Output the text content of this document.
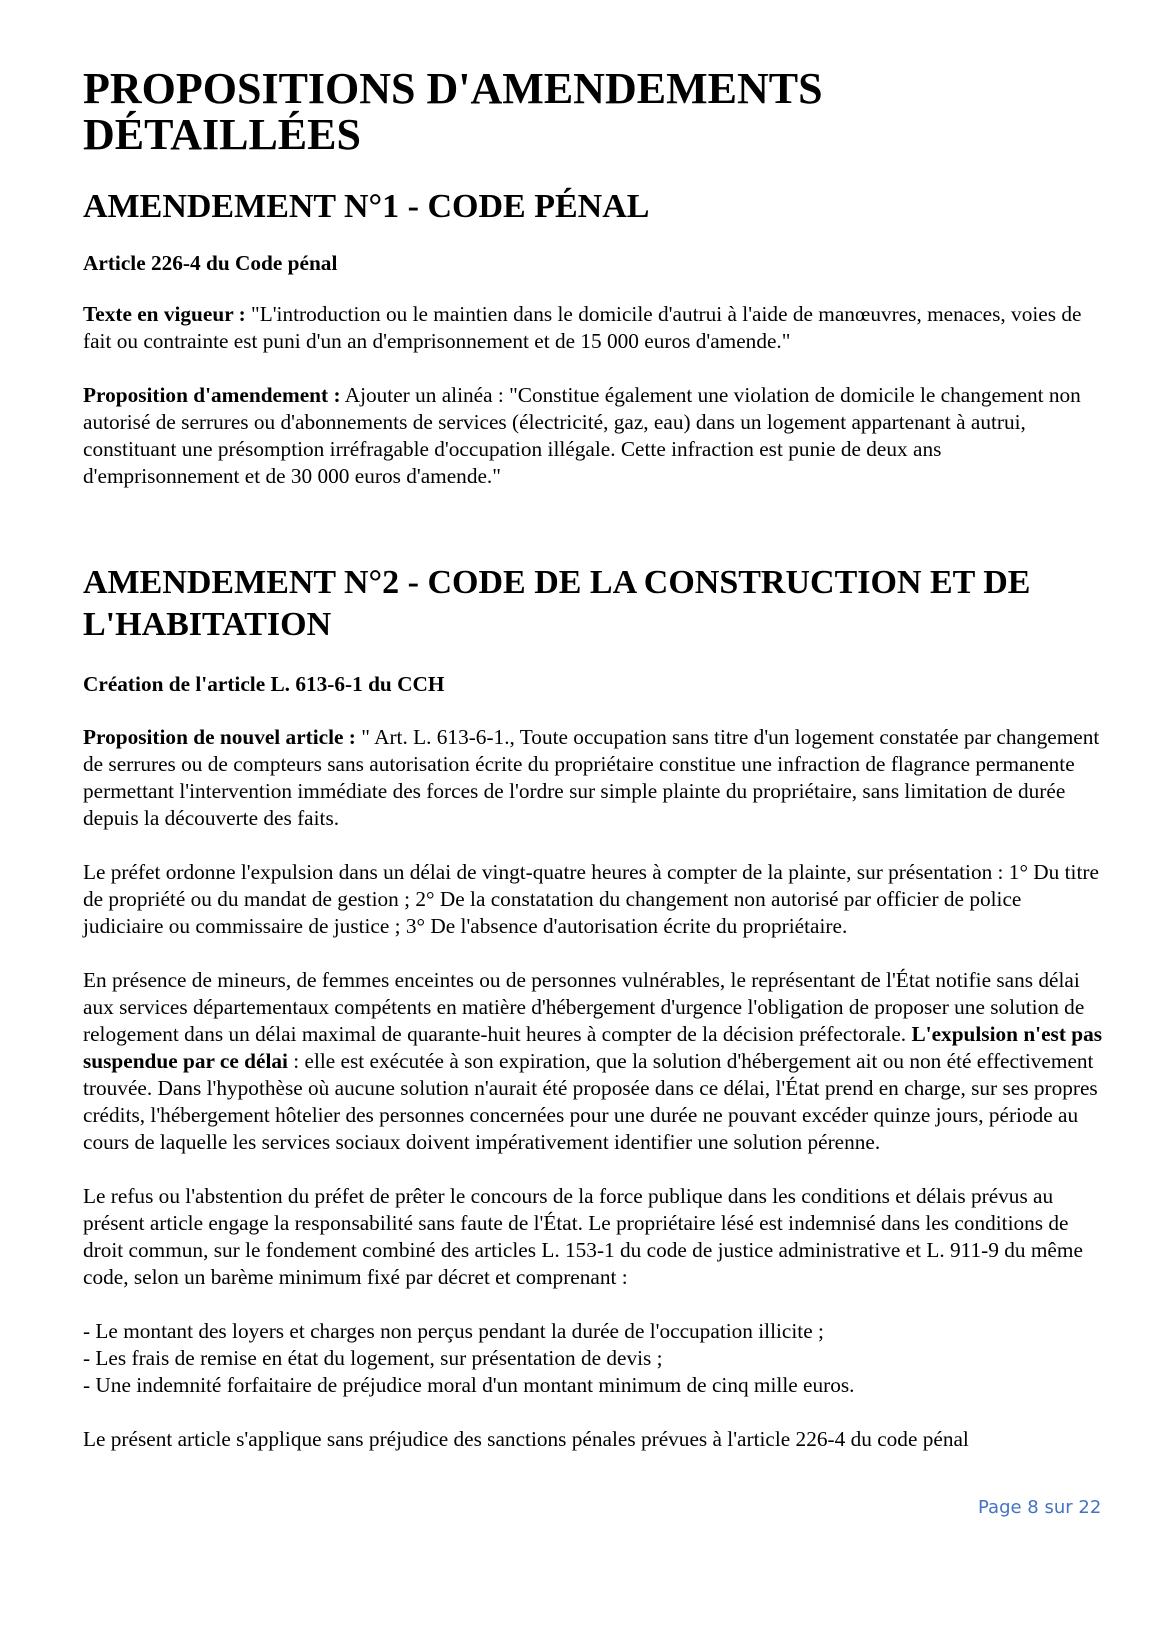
PROPOSITIONS D'AMENDEMENTS DÉTAILLÉES
AMENDEMENT N°1 - CODE PÉNAL

Article 226-4 du Code pénal

Texte en vigueur : "L'introduction ou le maintien dans le domicile d'autrui à l'aide de manœuvres, menaces, voies de fait ou contrainte est puni d'un an d'emprisonnement et de 15 000 euros d'amende."

Proposition d'amendement : Ajouter un alinéa : "Constitue également une violation de domicile le changement non autorisé de serrures ou d'abonnements de services (électricité, gaz, eau) dans un logement appartenant à autrui, constituant une présomption irréfragable d'occupation illégale. Cette infraction est punie de deux ans d'emprisonnement et de 30 000 euros d'amende."

AMENDEMENT N°2 - CODE DE LA CONSTRUCTION ET DE L'HABITATION

Création de l'article L. 613-6-1 du CCH

Proposition de nouvel article : " Art. L. 613-6-1., Toute occupation sans titre d'un logement constatée par changement de serrures ou de compteurs sans autorisation écrite du propriétaire constitue une infraction de flagrance permanente permettant l'intervention immédiate des forces de l'ordre sur simple plainte du propriétaire, sans limitation de durée depuis la découverte des faits.

Le préfet ordonne l'expulsion dans un délai de vingt-quatre heures à compter de la plainte, sur présentation : 1° Du titre de propriété ou du mandat de gestion ; 2° De la constatation du changement non autorisé par officier de police judiciaire ou commissaire de justice ; 3° De l'absence d'autorisation écrite du propriétaire.

En présence de mineurs, de femmes enceintes ou de personnes vulnérables, le représentant de l'État notifie sans délai aux services départementaux compétents en matière d'hébergement d'urgence l'obligation de proposer une solution de relogement dans un délai maximal de quarante-huit heures à compter de la décision préfectorale. L'expulsion n'est pas suspendue par ce délai : elle est exécutée à son expiration, que la solution d'hébergement ait ou non été effectivement trouvée. Dans l'hypothèse où aucune solution n'aurait été proposée dans ce délai, l'État prend en charge, sur ses propres crédits, l'hébergement hôtelier des personnes concernées pour une durée ne pouvant excéder quinze jours, période au cours de laquelle les services sociaux doivent impérativement identifier une solution pérenne.

Le refus ou l'abstention du préfet de prêter le concours de la force publique dans les conditions et délais prévus au présent article engage la responsabilité sans faute de l'État. Le propriétaire lésé est indemnisé dans les conditions de droit commun, sur le fondement combiné des articles L. 153-1 du code de justice administrative et L. 911-9 du même code, selon un barème minimum fixé par décret et comprenant :

- Le montant des loyers et charges non perçus pendant la durée de l'occupation illicite ;
- Les frais de remise en état du logement, sur présentation de devis ;
- Une indemnité forfaitaire de préjudice moral d'un montant minimum de cinq mille euros.

Le présent article s'applique sans préjudice des sanctions pénales prévues à l'article 226-4 du code pénal

Page 8 sur 22
